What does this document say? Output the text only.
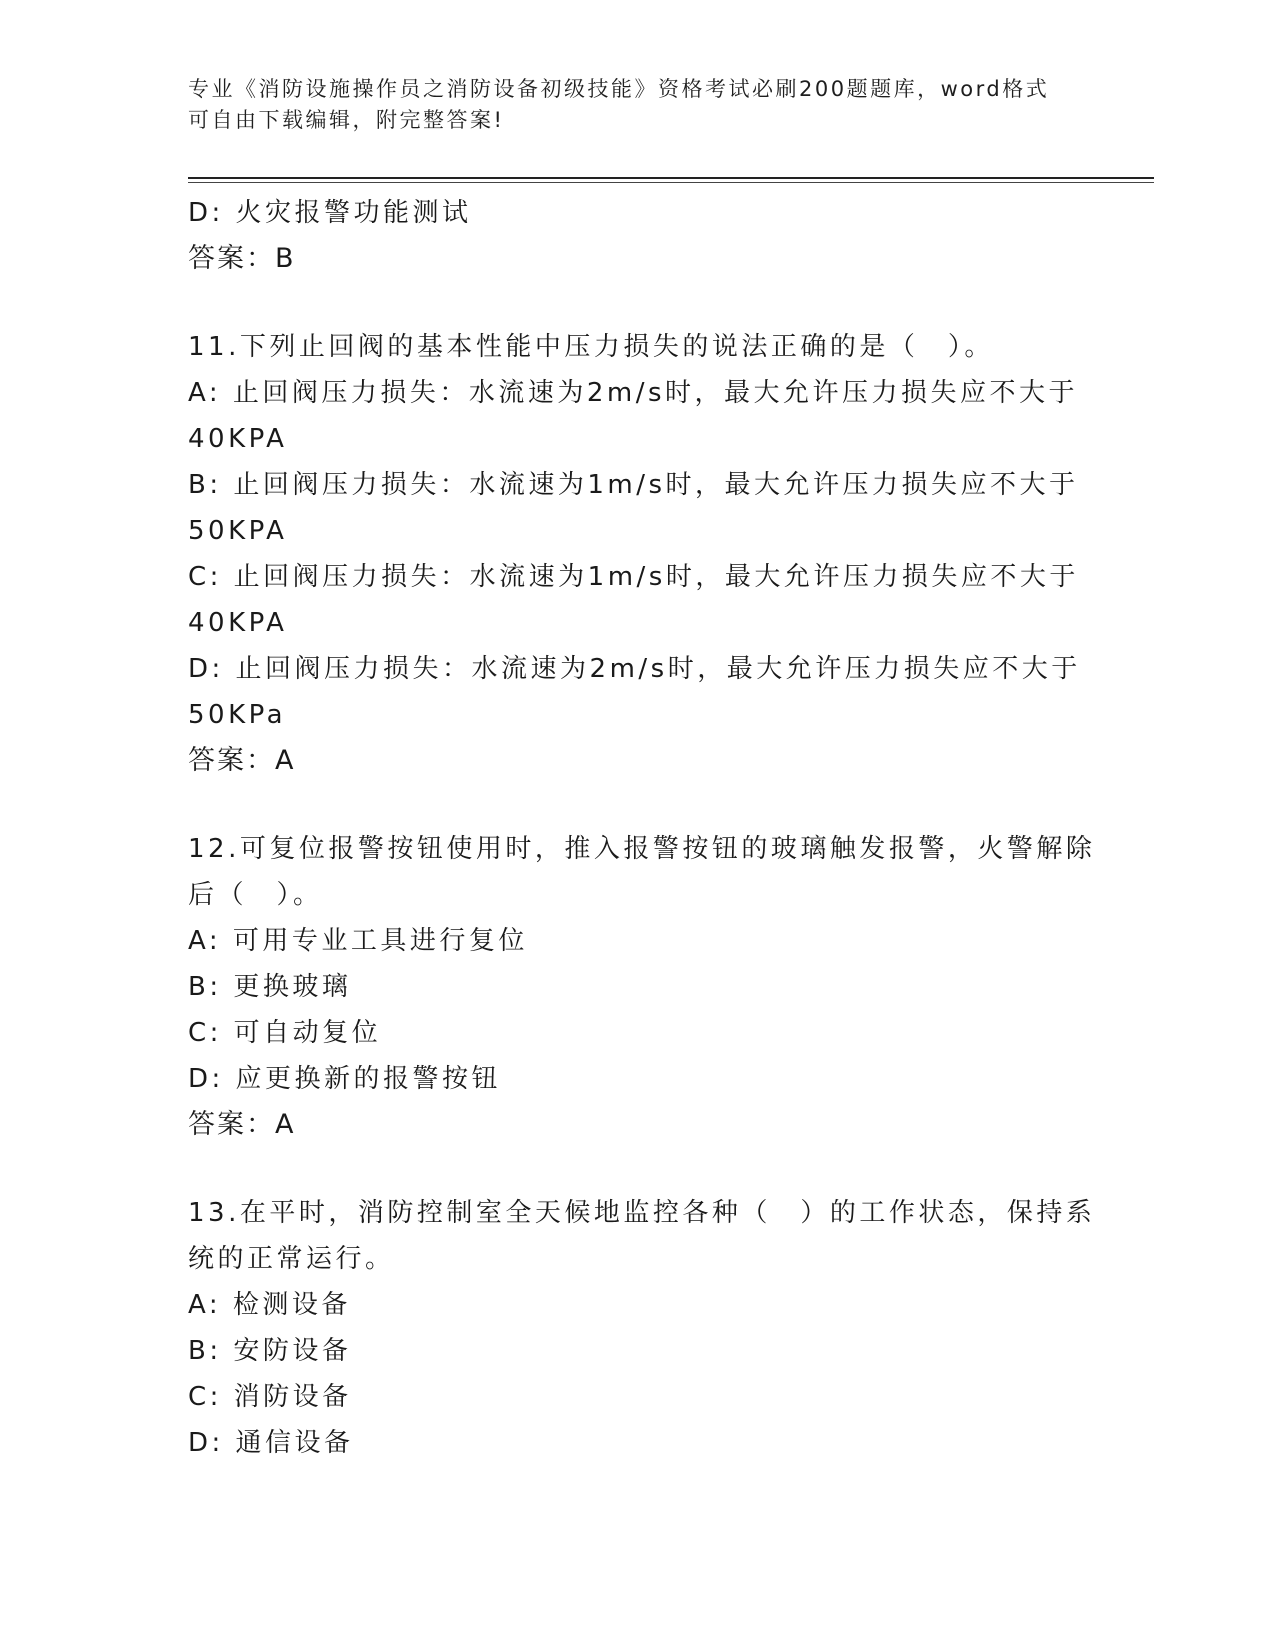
专业《消防设施操作员之消防设备初级技能》资格考试必刷200题题库，word格式可自由下载编辑，附完整答案!
D: 火灾报警功能测试
答案：B
11.下列止回阀的基本性能中压力损失的说法正确的是（　）。
A: 止回阀压力损失：水流速为2m/s时，最大允许压力损失应不大于
40KPA
B: 止回阀压力损失：水流速为1m/s时，最大允许压力损失应不大于
50KPA
C: 止回阀压力损失：水流速为1m/s时，最大允许压力损失应不大于
40KPA
D: 止回阀压力损失：水流速为2m/s时，最大允许压力损失应不大于
50KPa
答案：A
12.可复位报警按钮使用时，推入报警按钮的玻璃触发报警，火警解除
后（　）。
A: 可用专业工具进行复位
B: 更换玻璃
C: 可自动复位
D: 应更换新的报警按钮
答案：A
13.在平时，消防控制室全天候地监控各种（　）的工作状态，保持系
统的正常运行。
A: 检测设备
B: 安防设备
C: 消防设备
D: 通信设备
